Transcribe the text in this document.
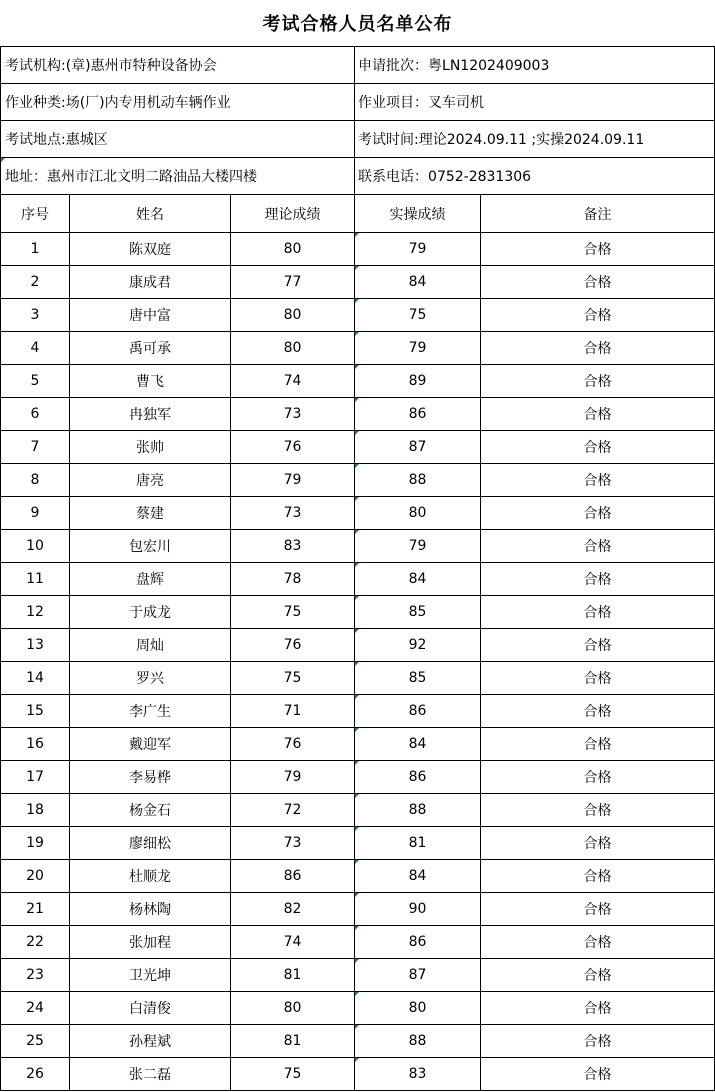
考试合格人员名单公布
考试机构:(章)惠州市特种设备协会			申请批次：粤LN1202409003	
作业种类:场(厂)内专用机动车辆作业			作业项目：叉车司机	
考试地点:惠城区			考试时间:理论2024.09.11 ;实操2024.09.11	
地址：惠州市江北文明二路油品大楼四楼			联系电话：0752-2831306	
序号	姓名	理论成绩	实操成绩	备注
1	陈双庭	80	79	合格
2	康成君	77	84	合格
3	唐中富	80	75	合格
4	禹可承	80	79	合格
5	曹飞	74	89	合格
6	冉独军	73	86	合格
7	张帅	76	87	合格
8	唐亮	79	88	合格
9	蔡建	73	80	合格
10	包宏川	83	79	合格
11	盘辉	78	84	合格
12	于成龙	75	85	合格
13	周灿	76	92	合格
14	罗兴	75	85	合格
15	李广生	71	86	合格
16	戴迎军	76	84	合格
17	李易桦	79	86	合格
18	杨金石	72	88	合格
19	廖细松	73	81	合格
20	杜顺龙	86	84	合格
21	杨林陶	82	90	合格
22	张加程	74	86	合格
23	卫光坤	81	87	合格
24	白清俊	80	80	合格
25	孙程斌	81	88	合格
26	张二磊	75	83	合格
